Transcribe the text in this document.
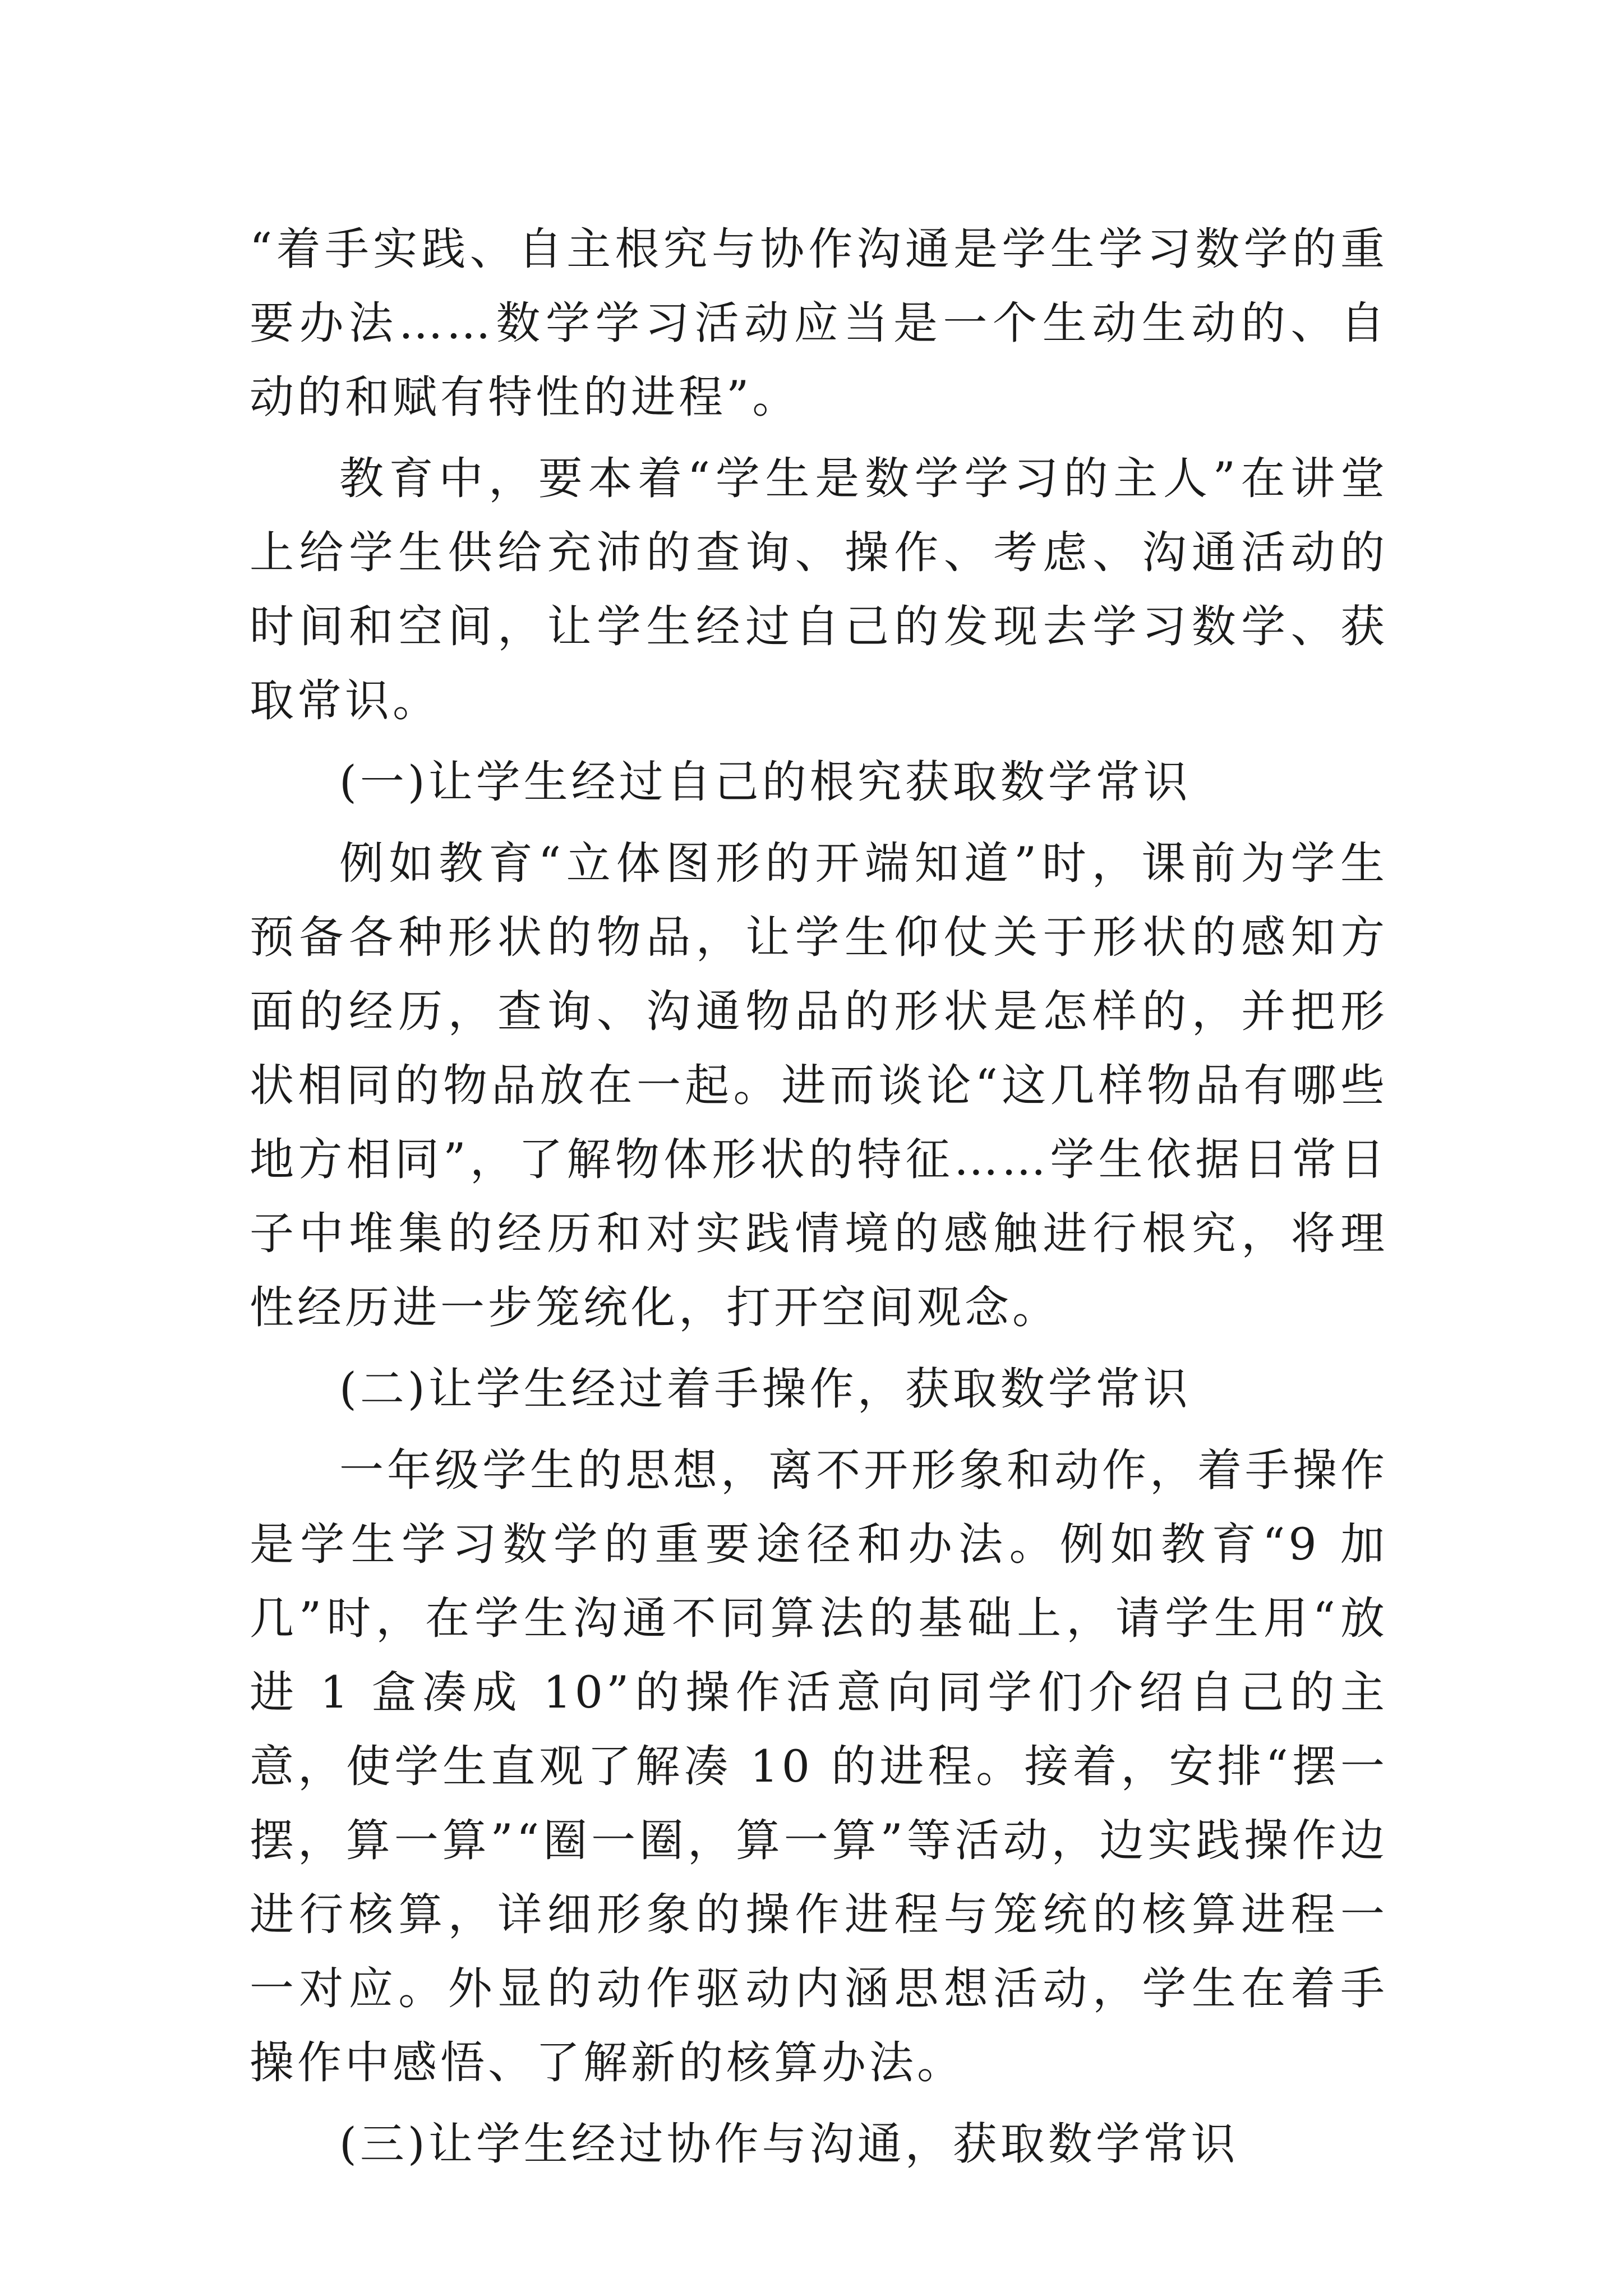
“着手实践、自主根究与协作沟通是学生学习数学的重要办法……数学学习活动应当是一个生动生动的、自动的和赋有特性的进程”。

教育中，要本着“学生是数学学习的主人”在讲堂上给学生供给充沛的查询、操作、考虑、沟通活动的时间和空间，让学生经过自己的发现去学习数学、获取常识。

(一)让学生经过自己的根究获取数学常识

例如教育“立体图形的开端知道”时，课前为学生预备各种形状的物品，让学生仰仗关于形状的感知方面的经历，查询、沟通物品的形状是怎样的，并把形状相同的物品放在一起。进而谈论“这几样物品有哪些地方相同”，了解物体形状的特征……学生依据日常日子中堆集的经历和对实践情境的感触进行根究，将理性经历进一步笼统化，打开空间观念。

(二)让学生经过着手操作，获取数学常识

一年级学生的思想，离不开形象和动作，着手操作是学生学习数学的重要途径和办法。例如教育“9 加几”时，在学生沟通不同算法的基础上，请学生用“放进 1 盒凑成 10”的操作活意向同学们介绍自己的主意，使学生直观了解凑 10 的进程。接着，安排“摆一摆，算一算”“圈一圈，算一算”等活动，边实践操作边进行核算，详细形象的操作进程与笼统的核算进程一一对应。外显的动作驱动内涵思想活动，学生在着手操作中感悟、了解新的核算办法。

(三)让学生经过协作与沟通，获取数学常识
